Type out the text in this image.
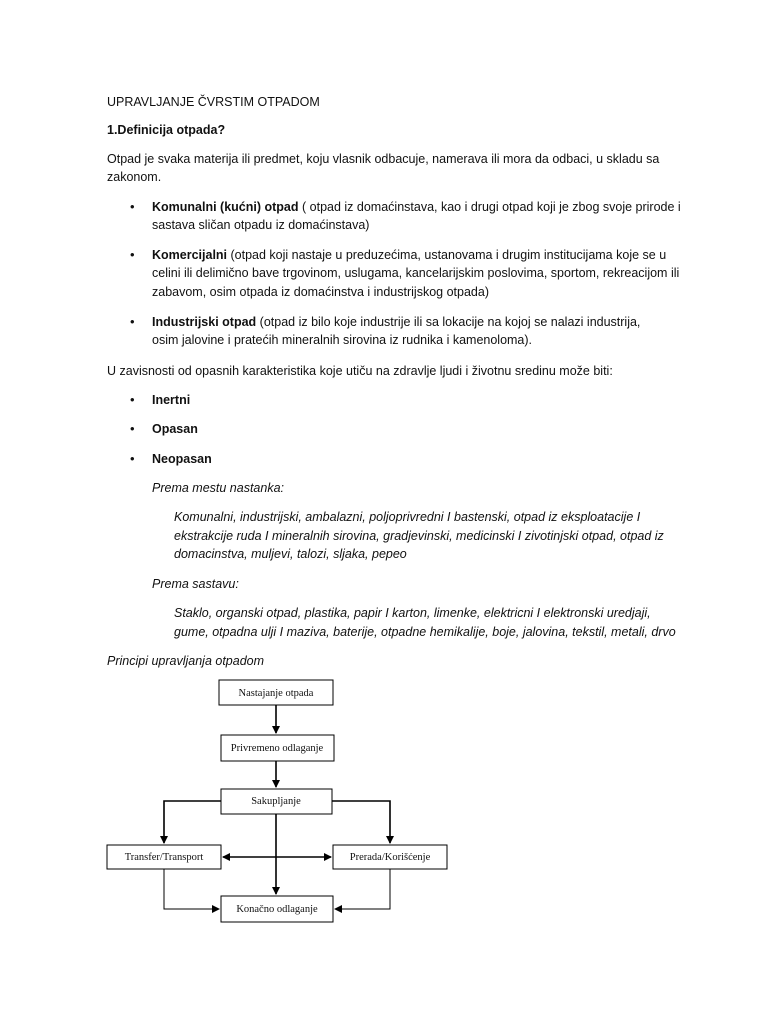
UPRAVLJANJE ČVRSTIM OTPADOM
1.Definicija otpada?
Otpad je svaka materija ili predmet, koju vlasnik odbacuje, namerava ili mora da odbaci, u skladu sa
zakonom.
• Komunalni (kućni) otpad ( otpad iz domaćinstava, kao i drugi otpad koji je zbog svoje prirode i
sastava sličan otpadu iz domaćinstava)
• Komercijalni (otpad koji nastaje u preduzećima, ustanovama i drugim institucijama koje se u
celini ili delimično bave trgovinom, uslugama, kancelarijskim poslovima, sportom, rekreacijom ili
zabavom, osim otpada iz domaćinstva i industrijskog otpada)
• Industrijski otpad (otpad iz bilo koje industrije ili sa lokacije na kojoj se nalazi industrija,
osim jalovine i pratećih mineralnih sirovina iz rudnika i kamenoloma).
U zavisnosti od opasnih karakteristika koje utiču na zdravlje ljudi i životnu sredinu može biti:
• Inertni
• Opasan
• Neopasan
Prema mestu nastanka:
Komunalni, industrijski, ambalazni, poljoprivredni I bastenski, otpad iz eksploatacije I
ekstrakcije ruda I mineralnih sirovina, gradjevinski, medicinski I zivotinjski otpad, otpad iz
domacinstva, muljevi, talozi, sljaka, pepeo
Prema sastavu:
Staklo, organski otpad, plastika, papir I karton, limenke, elektricni I elektronski uredjaji,
gume, otpadna ulji I maziva, baterije, otpadne hemikalije, boje, jalovina, tekstil, metali, drvo
Principi upravljanja otpadom
Nastajanje otpada
Privremeno odlaganje
Sakupljanje
Transfer/Transport	Prerada/Korišćenje
Konačno odlaganje
